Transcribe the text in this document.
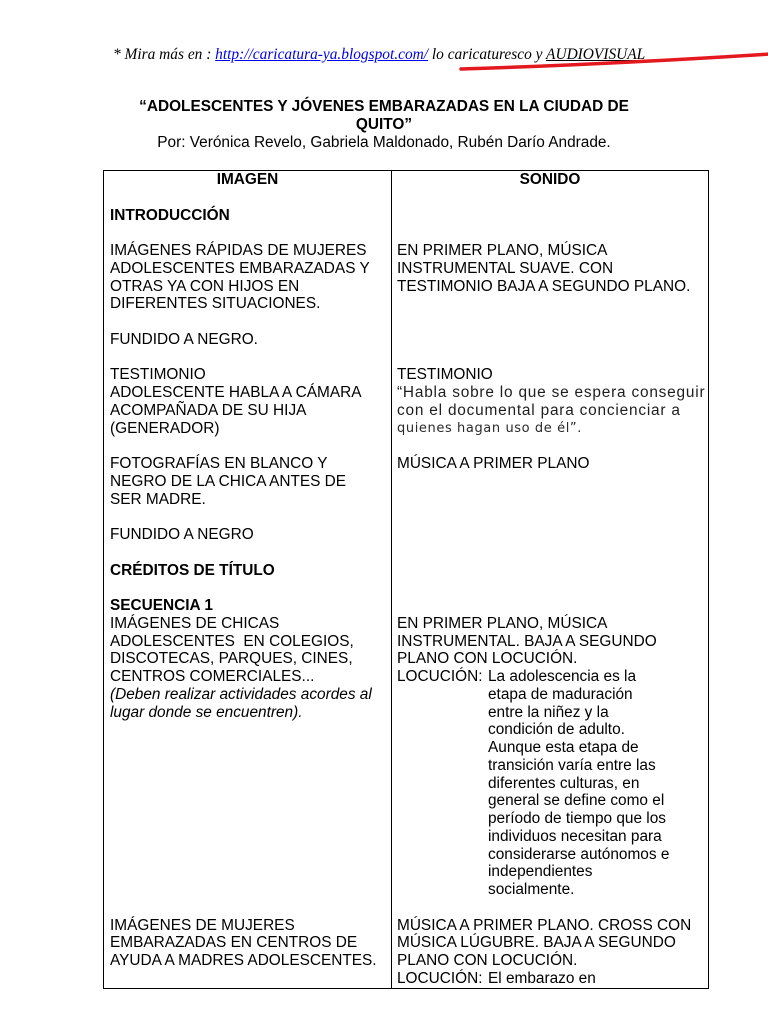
* Mira más en : http://caricatura-ya.blogspot.com/ lo caricaturesco y AUDIOVISUAL
“ADOLESCENTES Y JÓVENES EMBARAZADAS EN LA CIUDAD DE
QUITO”
Por: Verónica Revelo, Gabriela Maldonado, Rubén Darío Andrade.
IMAGEN
INTRODUCCIÓN
IMÁGENES RÁPIDAS DE MUJERES
ADOLESCENTES EMBARAZADAS Y
OTRAS YA CON HIJOS EN
DIFERENTES SITUACIONES.
FUNDIDO A NEGRO.
TESTIMONIO
ADOLESCENTE HABLA A CÁMARA
ACOMPAÑADA DE SU HIJA
(GENERADOR)
FOTOGRAFÍAS EN BLANCO Y
NEGRO DE LA CHICA ANTES DE
SER MADRE.
FUNDIDO A NEGRO
CRÉDITOS DE TÍTULO
SECUENCIA 1
IMÁGENES DE CHICAS
ADOLESCENTES  EN COLEGIOS,
DISCOTECAS, PARQUES, CINES,
CENTROS COMERCIALES...
(Deben realizar actividades acordes al
lugar donde se encuentren).
IMÁGENES DE MUJERES
EMBARAZADAS EN CENTROS DE
AYUDA A MADRES ADOLESCENTES.
SONIDO
EN PRIMER PLANO, MÚSICA
INSTRUMENTAL SUAVE. CON
TESTIMONIO BAJA A SEGUNDO PLANO.
TESTIMONIO
“Habla sobre lo que se espera conseguir
con el documental para concienciar a
quienes hagan uso de él”.
MÚSICA A PRIMER PLANO
EN PRIMER PLANO, MÚSICA
INSTRUMENTAL. BAJA A SEGUNDO
PLANO CON LOCUCIÓN.
LOCUCIÓN: La adolescencia es la
etapa de maduración
entre la niñez y la
condición de adulto.
Aunque esta etapa de
transición varía entre las
diferentes culturas, en
general se define como el
período de tiempo que los
individuos necesitan para
considerarse autónomos e
independientes
socialmente.
MÚSICA A PRIMER PLANO. CROSS CON
MÚSICA LÚGUBRE. BAJA A SEGUNDO
PLANO CON LOCUCIÓN.
LOCUCIÓN: El embarazo en
